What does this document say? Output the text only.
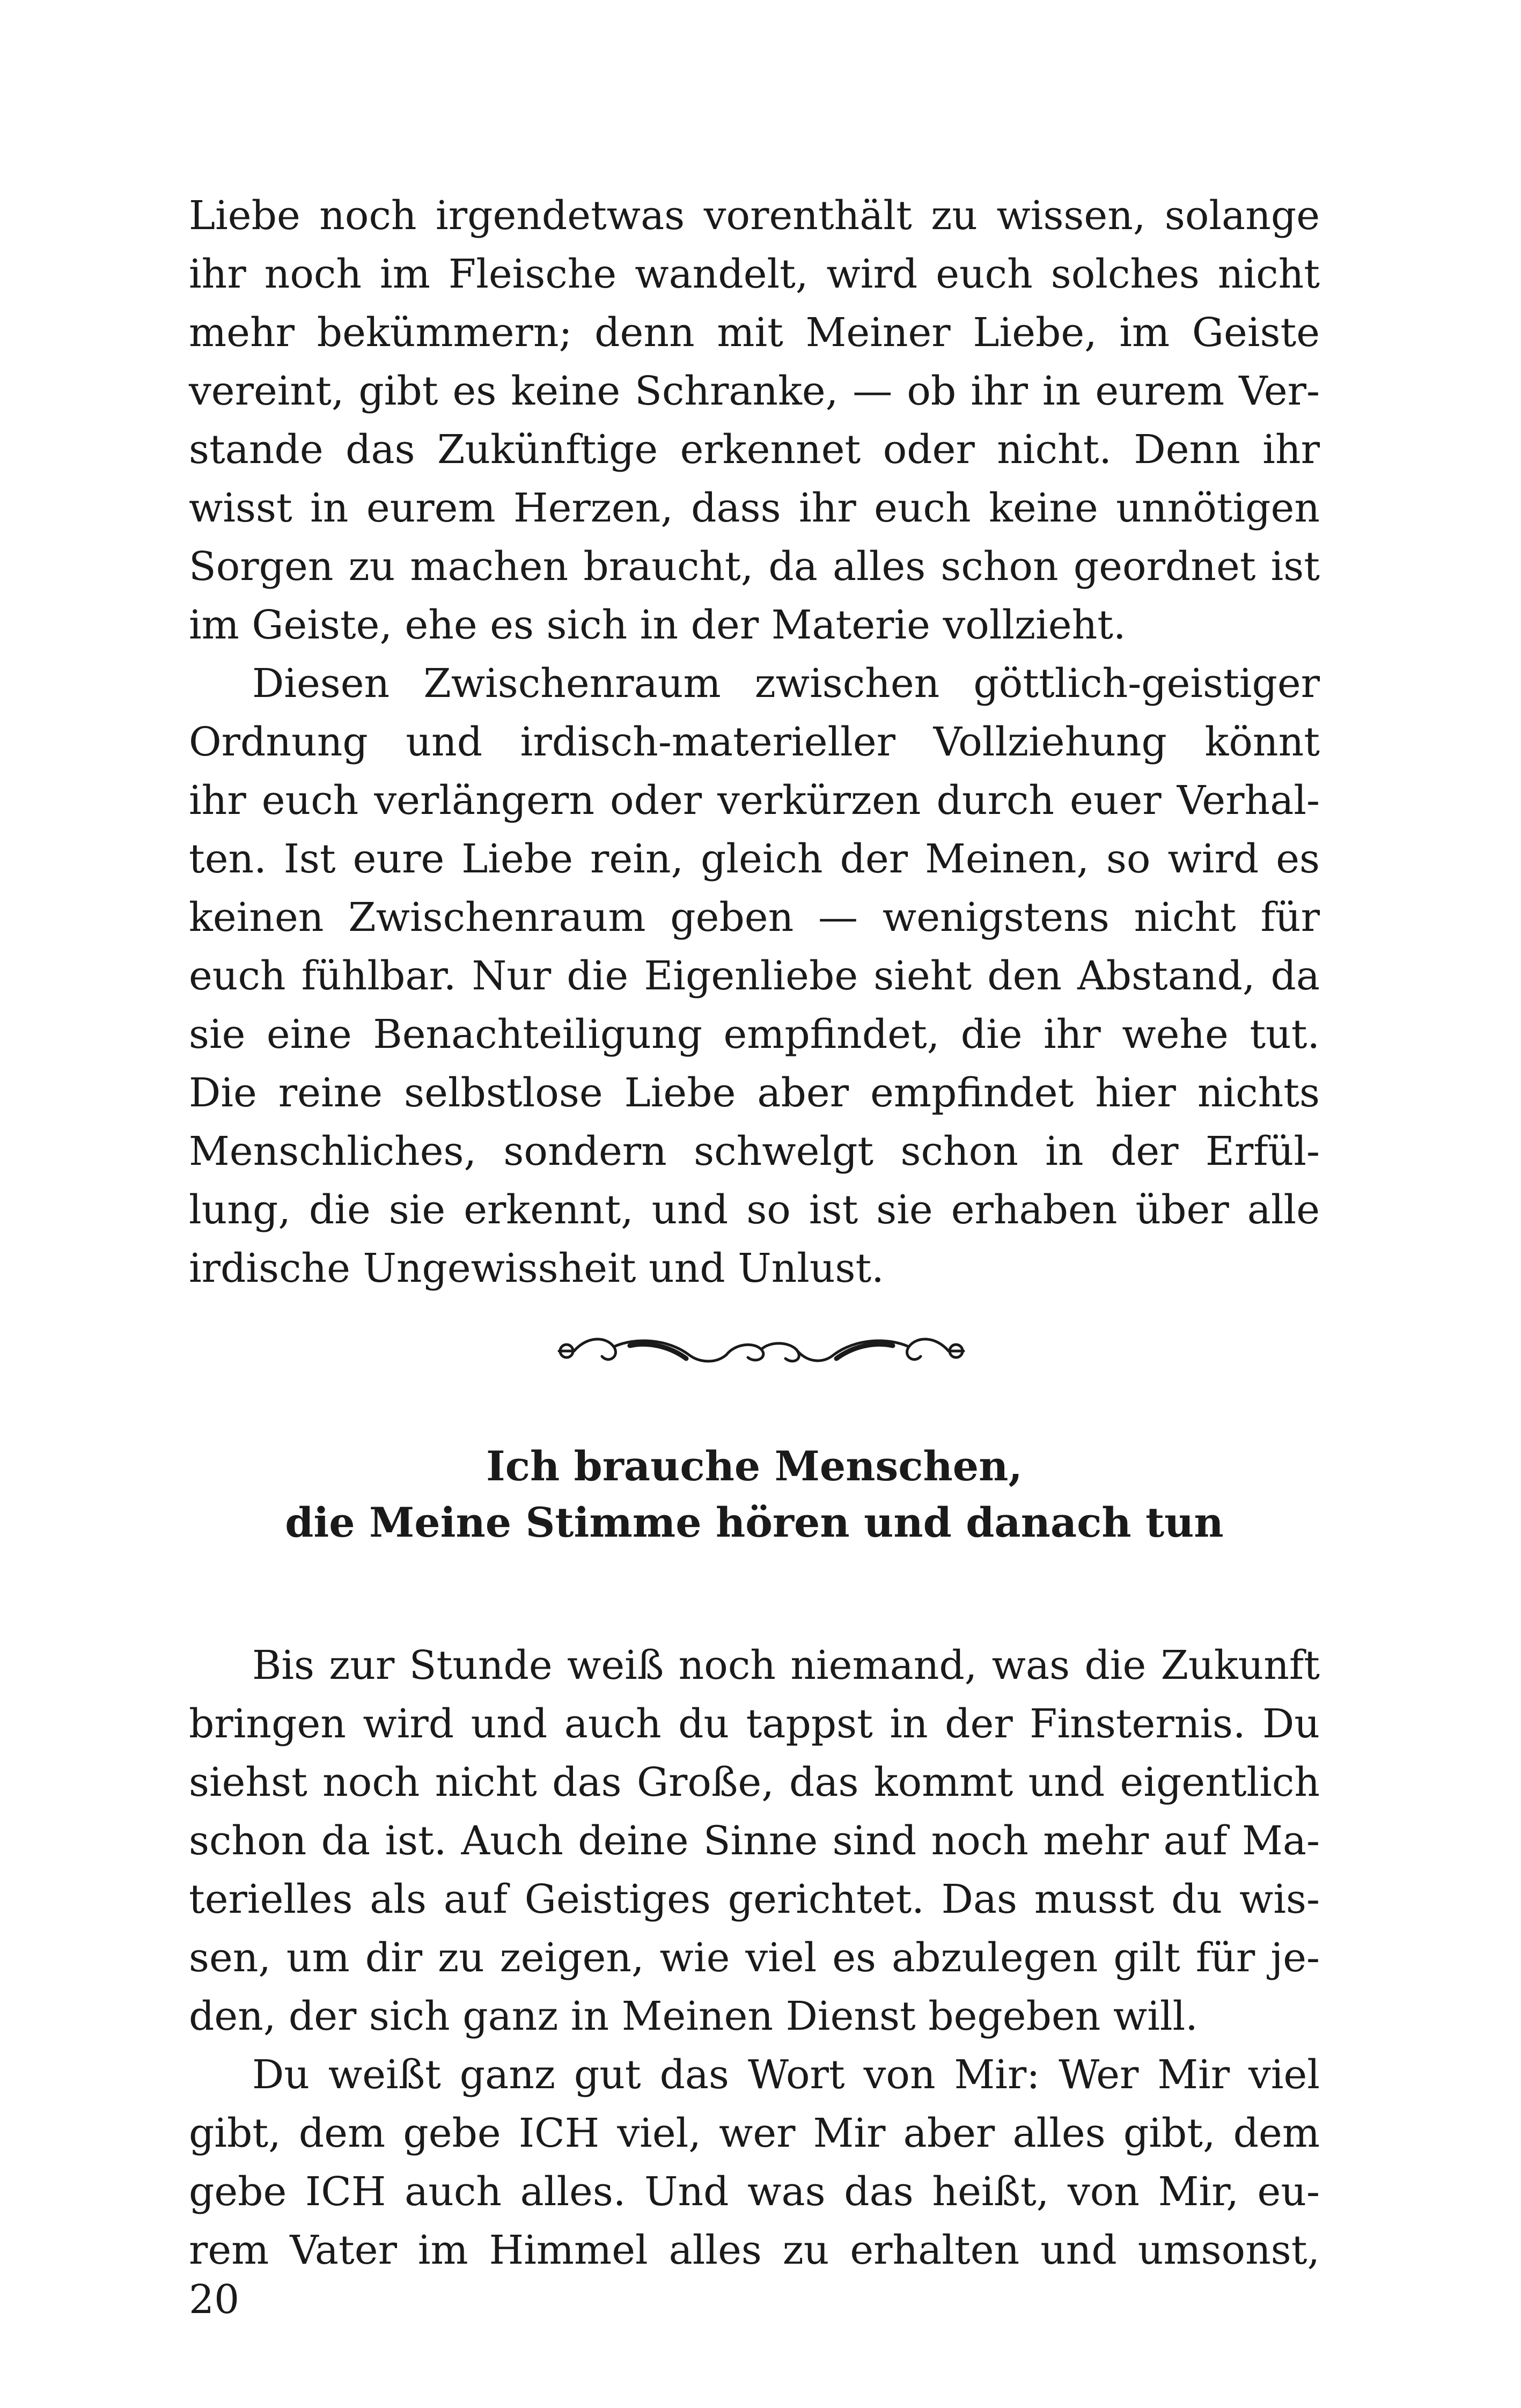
Liebe noch irgendetwas vorenthält zu wissen, solange
ihr noch im Fleische wandelt, wird euch solches nicht
mehr bekümmern; denn mit Meiner Liebe, im Geiste
vereint, gibt es keine Schranke, — ob ihr in eurem Ver-
stande das Zukünftige erkennet oder nicht. Denn ihr
wisst in eurem Herzen, dass ihr euch keine unnötigen
Sorgen zu machen braucht, da alles schon geordnet ist
im Geiste, ehe es sich in der Materie vollzieht.
Diesen Zwischenraum zwischen göttlich-geistiger
Ordnung und irdisch-materieller Vollziehung könnt
ihr euch verlängern oder verkürzen durch euer Verhal-
ten. Ist eure Liebe rein, gleich der Meinen, so wird es
keinen Zwischenraum geben — wenigstens nicht für
euch fühlbar. Nur die Eigenliebe sieht den Abstand, da
sie eine Benachteiligung empfindet, die ihr wehe tut.
Die reine selbstlose Liebe aber empfindet hier nichts
Menschliches, sondern schwelgt schon in der Erfül-
lung, die sie erkennt, und so ist sie erhaben über alle
irdische Ungewissheit und Unlust.
Ich brauche Menschen,
die Meine Stimme hören und danach tun
Bis zur Stunde weiß noch niemand, was die Zukunft
bringen wird und auch du tappst in der Finsternis. Du
siehst noch nicht das Große, das kommt und eigentlich
schon da ist. Auch deine Sinne sind noch mehr auf Ma-
terielles als auf Geistiges gerichtet. Das musst du wis-
sen, um dir zu zeigen, wie viel es abzulegen gilt für je-
den, der sich ganz in Meinen Dienst begeben will.
Du weißt ganz gut das Wort von Mir: Wer Mir viel
gibt, dem gebe ICH viel, wer Mir aber alles gibt, dem
gebe ICH auch alles. Und was das heißt, von Mir, eu-
rem Vater im Himmel alles zu erhalten und umsonst,
20
